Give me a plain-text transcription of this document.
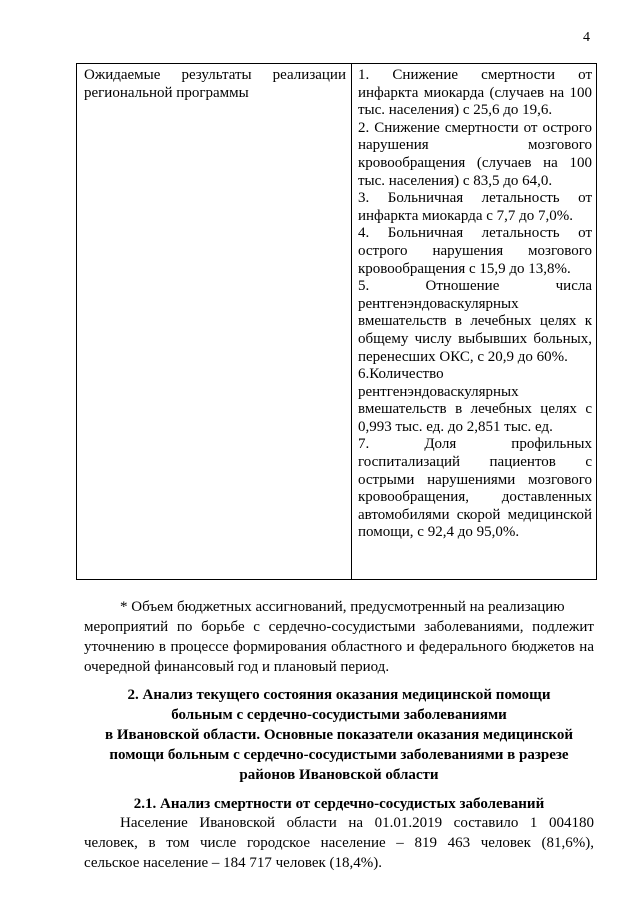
4
Ожидаемые результаты реализации
региональной программы

1. Снижение смертности от инфаркта миокарда (случаев на 100 тыс. населения) с 25,6 до 19,6.

2. Снижение смертности от острого нарушения мозгового кровообращения (случаев на 100 тыс. населения) с 83,5 до 64,0.

3. Больничная летальность от инфаркта миокарда с 7,7 до 7,0%.

4. Больничная летальность от острого нарушения мозгового кровообращения с 15,9 до 13,8%.

5. Отношение числа рентгенэндоваскулярных вмешательств в лечебных целях к общему числу выбывших больных, перенесших ОКС, с 20,9 до 60%.

6.Количество рентгенэндоваскулярных вмешательств в лечебных целях с 0,993 тыс. ед. до 2,851 тыс. ед.

7. Доля профильных госпитализаций пациентов с острыми нарушениями мозгового кровообращения, доставленных автомобилями скорой медицинской помощи, с 92,4 до 95,0%.

* Объем бюджетных ассигнований, предусмотренный на реализацию
мероприятий по борьбе с сердечно-сосудистыми заболеваниями, подлежит уточнению в процессе формирования областного и федерального бюджетов на очередной финансовый год и плановый период.
2. Анализ текущего состояния оказания медицинской помощи
больным с сердечно-сосудистыми заболеваниями
в Ивановской области. Основные показатели оказания медицинской
помощи больным с сердечно-сосудистыми заболеваниями в разрезе
районов Ивановской области
2.1. Анализ смертности от сердечно-сосудистых заболеваний
Население Ивановской области на 01.01.2019 составило 1 004180
человек, в том числе городское население – 819 463 человек (81,6%),
сельское население – 184 717 человек (18,4%).
